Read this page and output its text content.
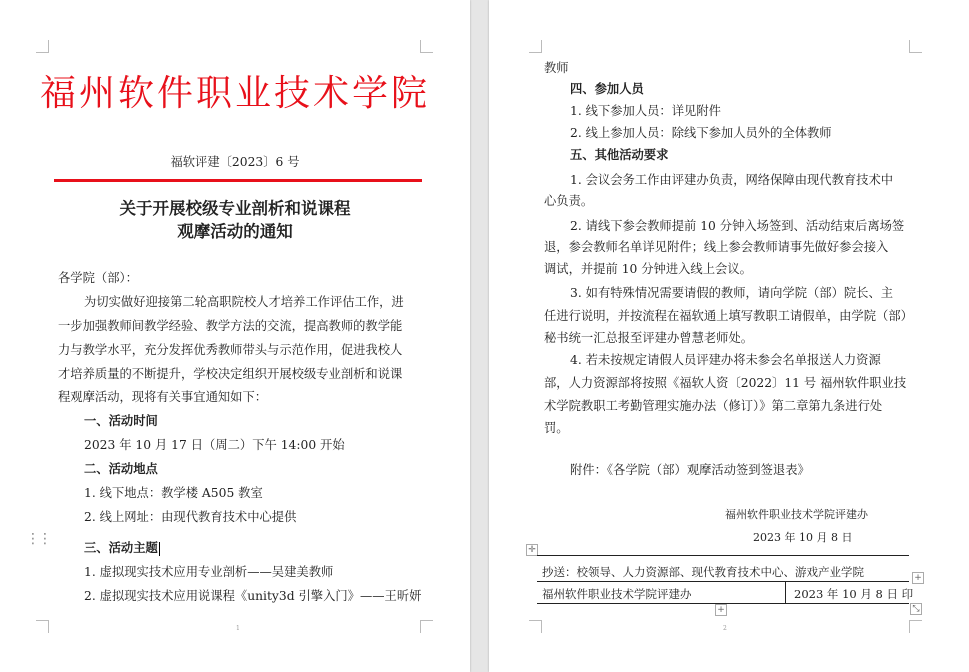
福州软件职业技术学院
福软评建〔2023〕6 号
关于开展校级专业剖析和说课程
观摩活动的通知
各学院（部）：
为切实做好迎接第二轮高职院校人才培养工作评估工作，进
一步加强教师间教学经验、教学方法的交流，提高教师的教学能
力与教学水平，充分发挥优秀教师带头与示范作用，促进我校人
才培养质量的不断提升，学校决定组织开展校级专业剖析和说课
程观摩活动，现将有关事宜通知如下：
一、活动时间
2023 年 10 月 17 日（周二）下午 14:00 开始
二、活动地点
1. 线下地点：教学楼 A505 教室
2. 线上网址：由现代教育技术中心提供
⋮⋮
三、活动主题
1. 虚拟现实技术应用专业剖析——吴建美教师
2. 虚拟现实技术应用说课程《unity3d 引擎入门》——王昕妍
1
教师
四、参加人员
1. 线下参加人员：详见附件
2. 线上参加人员：除线下参加人员外的全体教师
五、其他活动要求
1. 会议会务工作由评建办负责，网络保障由现代教育技术中
心负责。
2. 请线下参会教师提前 10 分钟入场签到、活动结束后离场签
退，参会教师名单详见附件；线上参会教师请事先做好参会接入
调试，并提前 10 分钟进入线上会议。
3. 如有特殊情况需要请假的教师，请向学院（部）院长、主
任进行说明，并按流程在福软通上填写教职工请假单，由学院（部）
秘书统一汇总报至评建办曾慧老师处。
4. 若未按规定请假人员评建办将未参会名单报送人力资源
部，人力资源部将按照《福软人资〔2022〕11 号 福州软件职业技
术学院教职工考勤管理实施办法（修订）》第二章第九条进行处
罚。
附件：《各学院（部）观摩活动签到签退表》
福州软件职业技术学院评建办
2023 年 10 月 8 日
✛
抄送：校领导、人力资源部、现代教育技术中心、游戏产业学院	+
福州软件职业技术学院评建办	2023 年 10 月 8 日 印
+	⤡
2
